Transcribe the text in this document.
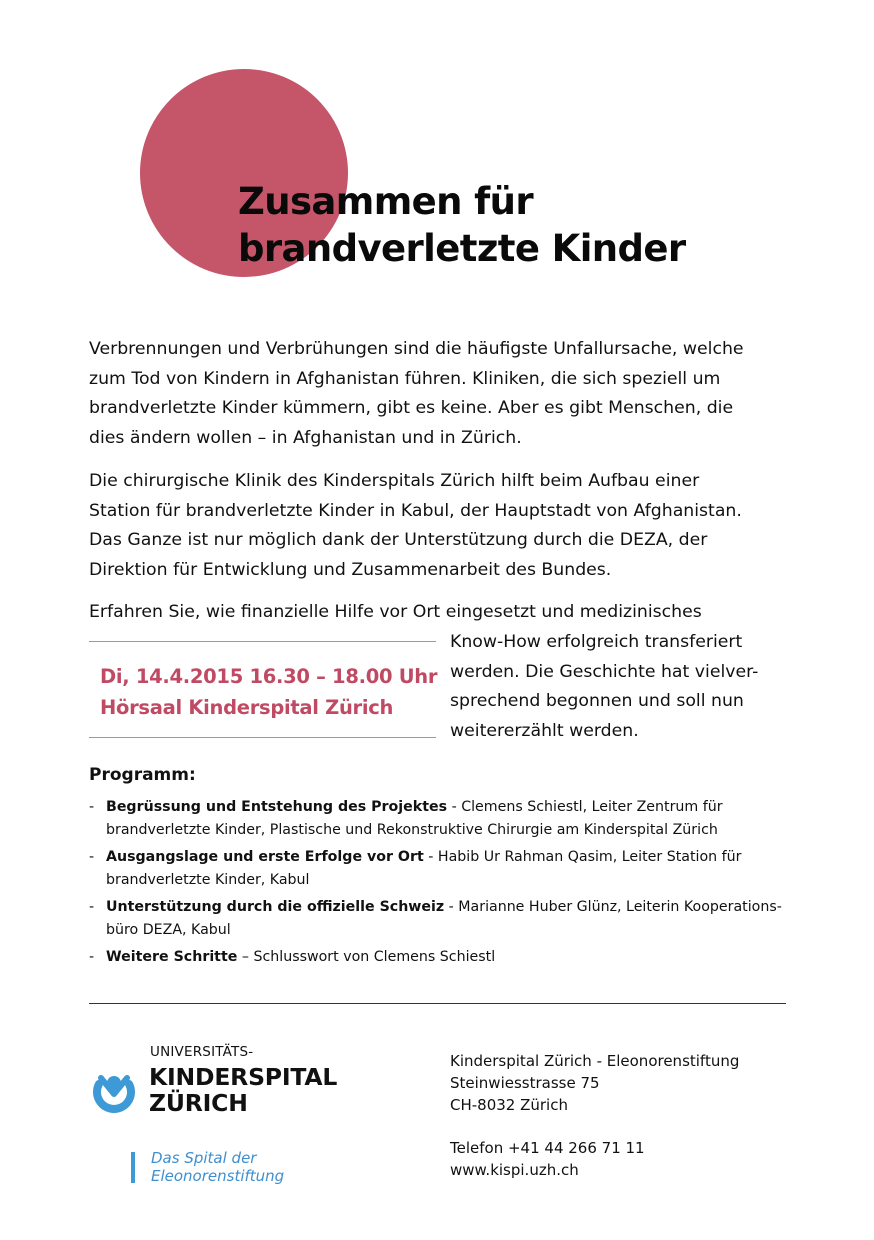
Zusammen für
brandverletzte Kinder

Verbrennungen und Verbrühungen sind die häufigste Unfallursache, welche
zum Tod von Kindern in Afghanistan führen. Kliniken, die sich speziell um
brandverletzte Kinder kümmern, gibt es keine. Aber es gibt Menschen, die
dies ändern wollen – in Afghanistan und in Zürich.

Die chirurgische Klinik des Kinderspitals Zürich hilft beim Aufbau einer
Station für brandverletzte Kinder in Kabul, der Hauptstadt von Afghanistan.
Das Ganze ist nur möglich dank der Unterstützung durch die DEZA, der
Direktion für Entwicklung und Zusammenarbeit des Bundes.

Erfahren Sie, wie finanzielle Hilfe vor Ort eingesetzt und medizinisches

Know-How erfolgreich transferiert
werden. Die Geschichte hat vielver-
sprechend begonnen und soll nun
weitererzählt werden.
Di, 14.4.2015 16.30 – 18.00 Uhr
Hörsaal Kinderspital Zürich
Programm:
- Begrüssung und Entstehung des Projektes - Clemens Schiestl, Leiter Zentrum für
brandverletzte Kinder, Plastische und Rekonstruktive Chirurgie am Kinderspital Zürich
- Ausgangslage und erste Erfolge vor Ort - Habib Ur Rahman Qasim, Leiter Station für
brandverletzte Kinder, Kabul
- Unterstützung durch die offizielle Schweiz - Marianne Huber Glünz, Leiterin Kooperations-
büro DEZA, Kabul
- Weitere Schritte – Schlusswort von Clemens Schiestl
UNIVERSITÄTS-
KINDERSPITAL
ZÜRICH
Das Spital der
Eleonorenstiftung
Kinderspital Zürich - Eleonorenstiftung
Steinwiesstrasse 75
CH-8032 Zürich
Telefon +41 44 266 71 11
www.kispi.uzh.ch
